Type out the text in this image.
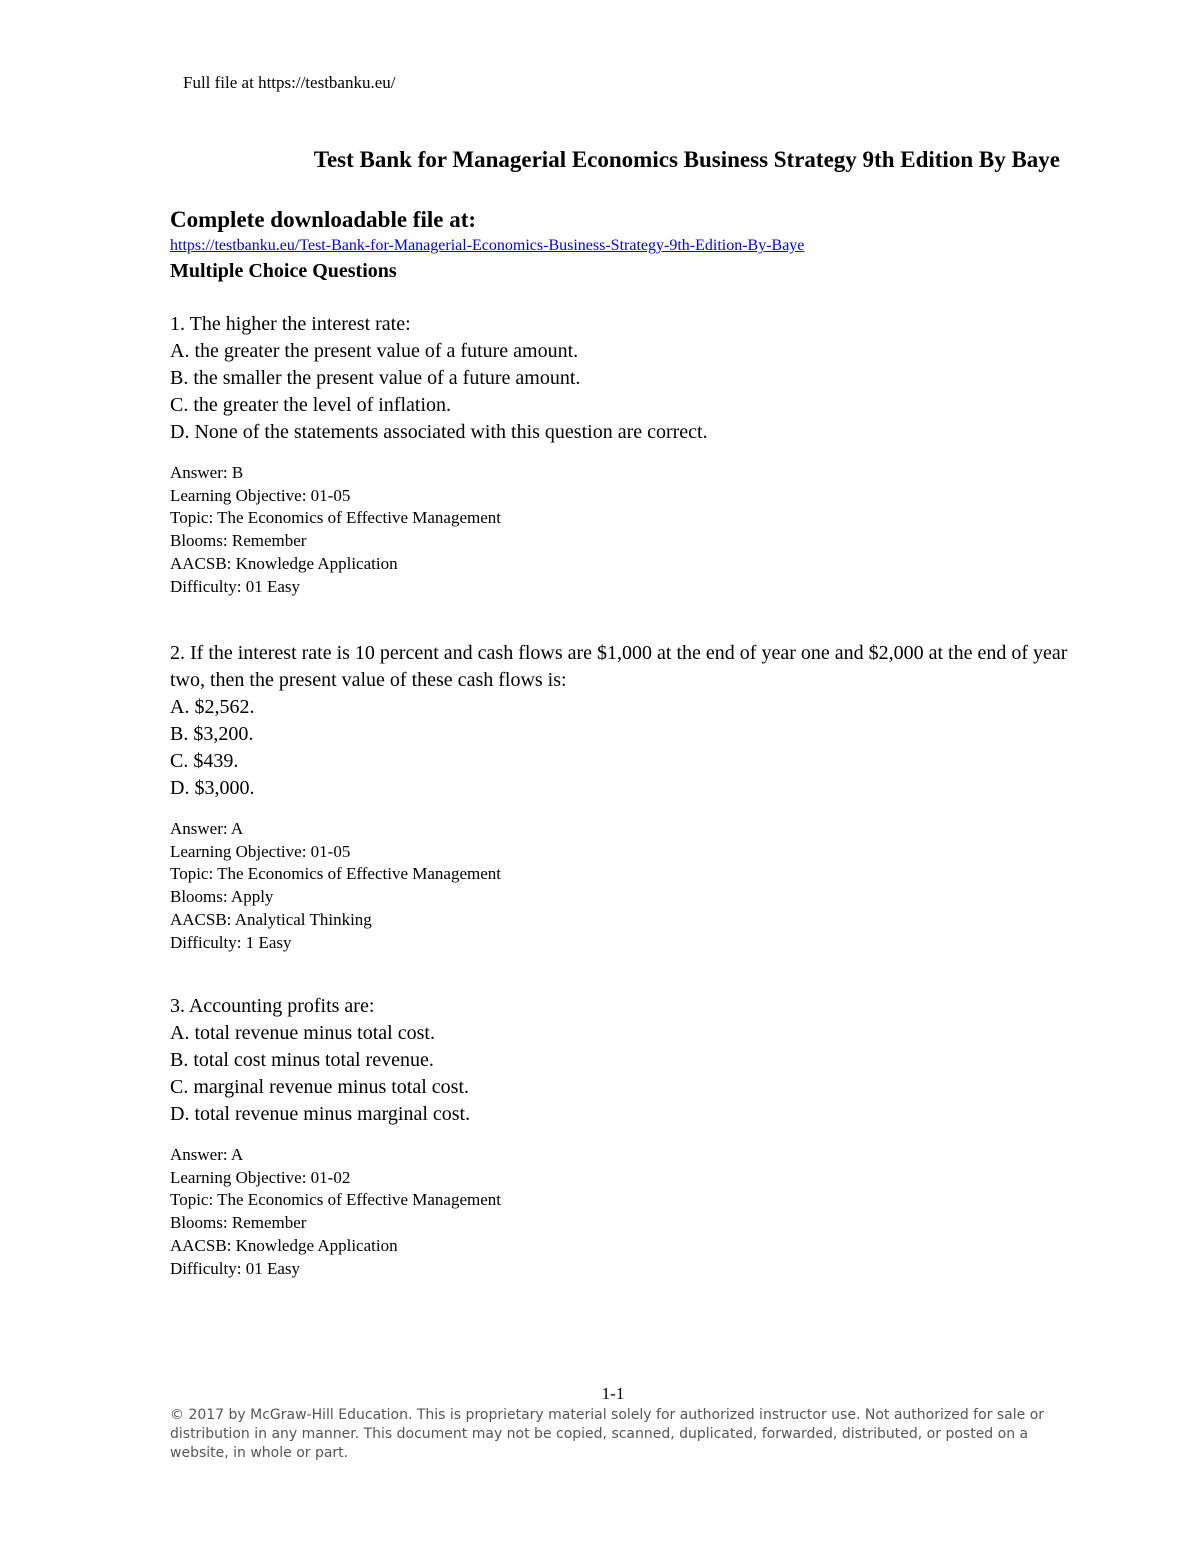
Full file at https://testbanku.eu/
Test Bank for Managerial Economics Business Strategy 9th Edition By Baye
Complete downloadable file at:
https://testbanku.eu/Test-Bank-for-Managerial-Economics-Business-Strategy-9th-Edition-By-Baye
Multiple Choice Questions

1. The higher the interest rate:

A. the greater the present value of a future amount.

B. the smaller the present value of a future amount.

C. the greater the level of inflation.

D. None of the statements associated with this question are correct.

Answer: B

Learning Objective: 01-05

Topic: The Economics of Effective Management

Blooms: Remember

AACSB: Knowledge Application

Difficulty: 01 Easy

2. If the interest rate is 10 percent and cash flows are $1,000 at the end of year one and $2,000 at the end of year two, then the present value of these cash flows is:

A. $2,562.

B. $3,200.

C. $439.

D. $3,000.

Answer: A

Learning Objective: 01-05

Topic: The Economics of Effective Management

Blooms: Apply

AACSB: Analytical Thinking

Difficulty: 1 Easy

3. Accounting profits are:

A. total revenue minus total cost.

B. total cost minus total revenue.

C. marginal revenue minus total cost.

D. total revenue minus marginal cost.

Answer: A

Learning Objective: 01-02

Topic: The Economics of Effective Management

Blooms: Remember

AACSB: Knowledge Application

Difficulty: 01 Easy

1-1
© 2017 by McGraw-Hill Education. This is proprietary material solely for authorized instructor use. Not authorized for sale or distribution in any manner. This document may not be copied, scanned, duplicated, forwarded, distributed, or posted on a website, in whole or part.
